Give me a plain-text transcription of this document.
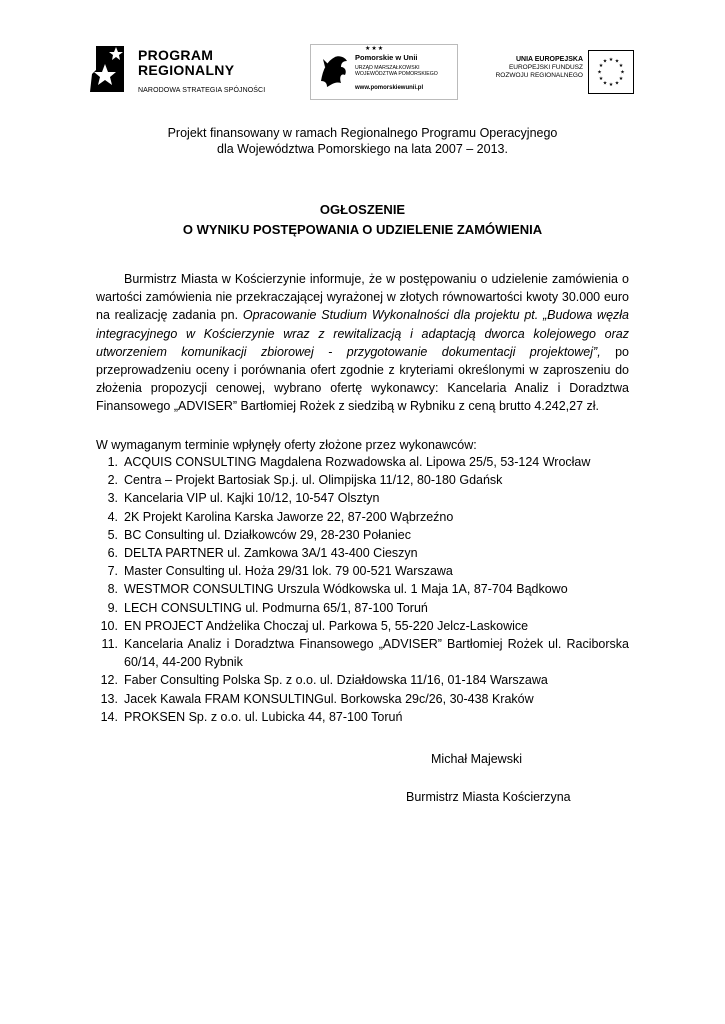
PROGRAM
REGIONALNY
NARODOWA STRATEGIA SPÓJNOŚCI
★★★
Pomorskie w Unii
URZĄD MARSZAŁKOWSKI
WOJEWÓDZTWA POMORSKIEGO
www.pomorskiewunii.pl
UNIA EUROPEJSKA
EUROPEJSKI FUNDUSZ
ROZWOJU REGIONALNEGO
★ ★
★
★
★
★
★
★
★
★
★
★
Projekt finansowany w ramach Regionalnego Programu Operacyjnego
dla Województwa Pomorskiego na lata 2007 – 2013.
OGŁOSZENIE
O WYNIKU POSTĘPOWANIA O UDZIELENIE ZAMÓWIENIA
Burmistrz Miasta w Kościerzynie informuje, że w postępowaniu o udzielenie zamówienia o wartości zamówienia nie przekraczającej wyrażonej w złotych równowartości kwoty 30.000 euro na realizację zadania pn. Opracowanie Studium Wykonalności dla projektu pt. „Budowa węzła integracyjnego w Kościerzynie wraz z rewitalizacją i adaptacją dworca kolejowego oraz utworzeniem komunikacji zbiorowej - przygotowanie dokumentacji projektowej”, po przeprowadzeniu oceny i porównania ofert zgodnie z kryteriami określonymi w zaproszeniu do złożenia propozycji cenowej, wybrano ofertę wykonawcy: Kancelaria Analiz i Doradztwa Finansowego „ADVISER” Bartłomiej Rożek z siedzibą w Rybniku z ceną brutto 4.242,27 zł.
W wymaganym terminie wpłynęły oferty złożone przez wykonawców:
1. ACQUIS CONSULTING Magdalena Rozwadowska al. Lipowa 25/5, 53-124 Wrocław
2. Centra – Projekt Bartosiak Sp.j. ul. Olimpijska 11/12, 80-180 Gdańsk
3. Kancelaria VIP ul. Kajki 10/12, 10-547 Olsztyn
4. 2K Projekt Karolina Karska Jaworze 22, 87-200 Wąbrzeźno
5. BC Consulting ul. Działkowców 29, 28-230 Połaniec
6. DELTA PARTNER ul. Zamkowa 3A/1 43-400 Cieszyn
7. Master Consulting ul. Hoża 29/31 lok. 79 00-521 Warszawa
8. WESTMOR CONSULTING Urszula Wódkowska ul. 1 Maja 1A, 87-704 Bądkowo
9. LECH CONSULTING ul. Podmurna 65/1, 87-100 Toruń
10. EN PROJECT Andżelika Choczaj ul. Parkowa 5, 55-220 Jelcz-Laskowice
11. Kancelaria Analiz i Doradztwa Finansowego „ADVISER” Bartłomiej Rożek ul. Raciborska 60/14, 44-200 Rybnik
12. Faber Consulting Polska Sp. z o.o. ul. Działdowska 11/16, 01-184 Warszawa
13. Jacek Kawala FRAM KONSULTINGul. Borkowska 29c/26, 30-438 Kraków
14. PROKSEN Sp. z o.o. ul. Lubicka 44, 87-100 Toruń
Michał Majewski
Burmistrz Miasta Kościerzyna
